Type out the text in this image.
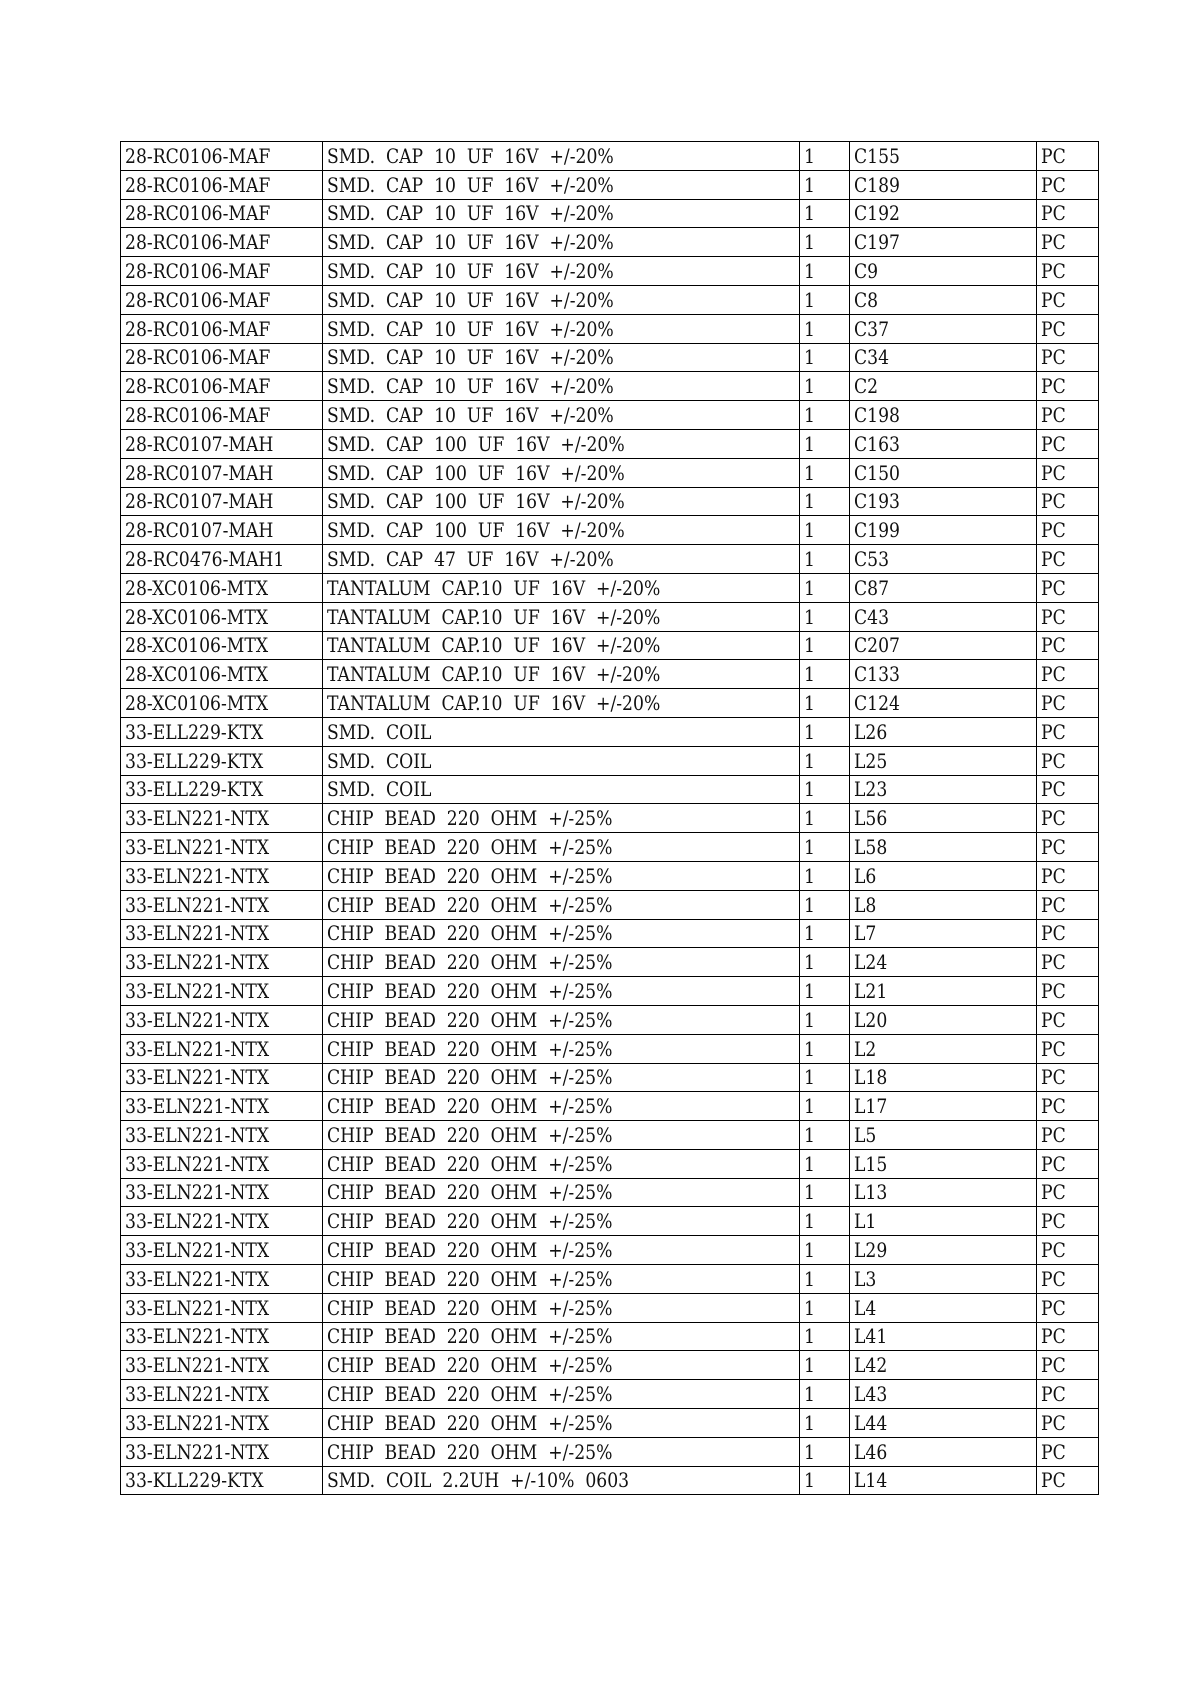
28-RC0106-MAF	SMD.  CAP  10  UF  16V  +/-20%	1	C155	PC
28-RC0106-MAF	SMD.  CAP  10  UF  16V  +/-20%	1	C189	PC
28-RC0106-MAF	SMD.  CAP  10  UF  16V  +/-20%	1	C192	PC
28-RC0106-MAF	SMD.  CAP  10  UF  16V  +/-20%	1	C197	PC
28-RC0106-MAF	SMD.  CAP  10  UF  16V  +/-20%	1	C9	PC
28-RC0106-MAF	SMD.  CAP  10  UF  16V  +/-20%	1	C8	PC
28-RC0106-MAF	SMD.  CAP  10  UF  16V  +/-20%	1	C37	PC
28-RC0106-MAF	SMD.  CAP  10  UF  16V  +/-20%	1	C34	PC
28-RC0106-MAF	SMD.  CAP  10  UF  16V  +/-20%	1	C2	PC
28-RC0106-MAF	SMD.  CAP  10  UF  16V  +/-20%	1	C198	PC
28-RC0107-MAH	SMD.  CAP  100  UF  16V  +/-20%	1	C163	PC
28-RC0107-MAH	SMD.  CAP  100  UF  16V  +/-20%	1	C150	PC
28-RC0107-MAH	SMD.  CAP  100  UF  16V  +/-20%	1	C193	PC
28-RC0107-MAH	SMD.  CAP  100  UF  16V  +/-20%	1	C199	PC
28-RC0476-MAH1	SMD.  CAP  47  UF  16V  +/-20%	1	C53	PC
28-XC0106-MTX	TANTALUM  CAP.10  UF  16V  +/-20%	1	C87	PC
28-XC0106-MTX	TANTALUM  CAP.10  UF  16V  +/-20%	1	C43	PC
28-XC0106-MTX	TANTALUM  CAP.10  UF  16V  +/-20%	1	C207	PC
28-XC0106-MTX	TANTALUM  CAP.10  UF  16V  +/-20%	1	C133	PC
28-XC0106-MTX	TANTALUM  CAP.10  UF  16V  +/-20%	1	C124	PC
33-ELL229-KTX	SMD.  COIL	1	L26	PC
33-ELL229-KTX	SMD.  COIL	1	L25	PC
33-ELL229-KTX	SMD.  COIL	1	L23	PC
33-ELN221-NTX	CHIP  BEAD  220  OHM  +/-25%	1	L56	PC
33-ELN221-NTX	CHIP  BEAD  220  OHM  +/-25%	1	L58	PC
33-ELN221-NTX	CHIP  BEAD  220  OHM  +/-25%	1	L6	PC
33-ELN221-NTX	CHIP  BEAD  220  OHM  +/-25%	1	L8	PC
33-ELN221-NTX	CHIP  BEAD  220  OHM  +/-25%	1	L7	PC
33-ELN221-NTX	CHIP  BEAD  220  OHM  +/-25%	1	L24	PC
33-ELN221-NTX	CHIP  BEAD  220  OHM  +/-25%	1	L21	PC
33-ELN221-NTX	CHIP  BEAD  220  OHM  +/-25%	1	L20	PC
33-ELN221-NTX	CHIP  BEAD  220  OHM  +/-25%	1	L2	PC
33-ELN221-NTX	CHIP  BEAD  220  OHM  +/-25%	1	L18	PC
33-ELN221-NTX	CHIP  BEAD  220  OHM  +/-25%	1	L17	PC
33-ELN221-NTX	CHIP  BEAD  220  OHM  +/-25%	1	L5	PC
33-ELN221-NTX	CHIP  BEAD  220  OHM  +/-25%	1	L15	PC
33-ELN221-NTX	CHIP  BEAD  220  OHM  +/-25%	1	L13	PC
33-ELN221-NTX	CHIP  BEAD  220  OHM  +/-25%	1	L1	PC
33-ELN221-NTX	CHIP  BEAD  220  OHM  +/-25%	1	L29	PC
33-ELN221-NTX	CHIP  BEAD  220  OHM  +/-25%	1	L3	PC
33-ELN221-NTX	CHIP  BEAD  220  OHM  +/-25%	1	L4	PC
33-ELN221-NTX	CHIP  BEAD  220  OHM  +/-25%	1	L41	PC
33-ELN221-NTX	CHIP  BEAD  220  OHM  +/-25%	1	L42	PC
33-ELN221-NTX	CHIP  BEAD  220  OHM  +/-25%	1	L43	PC
33-ELN221-NTX	CHIP  BEAD  220  OHM  +/-25%	1	L44	PC
33-ELN221-NTX	CHIP  BEAD  220  OHM  +/-25%	1	L46	PC
33-KLL229-KTX	SMD.  COIL  2.2UH  +/-10%  0603	1	L14	PC
